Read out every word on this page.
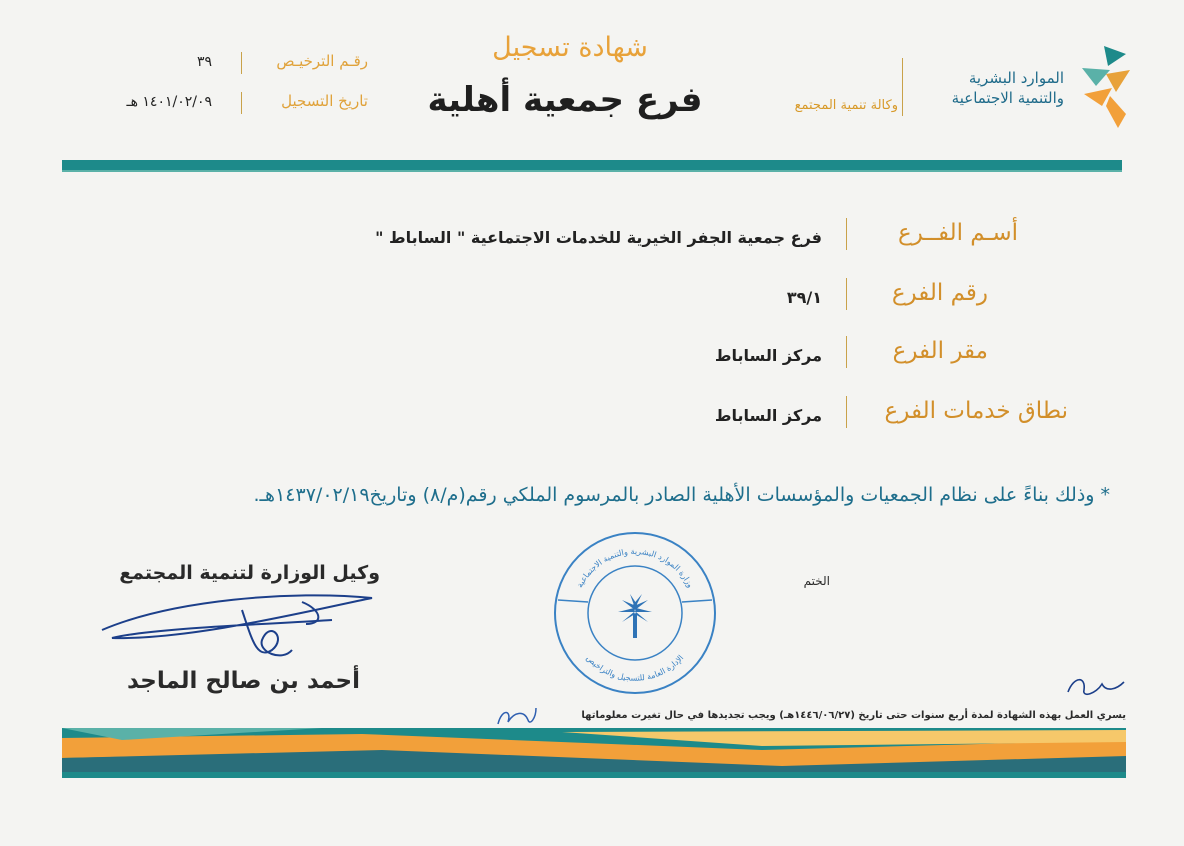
الموارد البشرية
والتنمية الاجتماعية
وكالة تنمية المجتمع
شهادة تسجيل
فرع جمعية أهلية
رقـم الترخيـص
٣٩
تاريخ التسجيل
١٤٠١/٠٢/٠٩ هـ
أسـم الفــرع
فرع جمعية الجفر الخيرية للخدمات الاجتماعية " الساباط "
رقم الفرع
٣٩/١
مقر الفرع
مركز الساباط
نطاق خدمات الفرع
مركز الساباط
* وذلك بناءً على نظام الجمعيات والمؤسسات الأهلية الصادر بالمرسوم الملكي رقم(م/٨) وتاريخ١٤٣٧/٠٢/١٩هـ.
وزارة الموارد البشرية والتنمية الاجتماعية
الإدارة العامة للتسجيل والتراخيص
الختم
وكيل الوزارة لتنمية المجتمع
أحمد بن صالح الماجد
يسري العمل بهذه الشهادة لمدة أربع سنوات حتى تاريخ (١٤٤٦/٠٦/٢٧هـ) ويجب تجديدها في حال تغيرت معلوماتها
